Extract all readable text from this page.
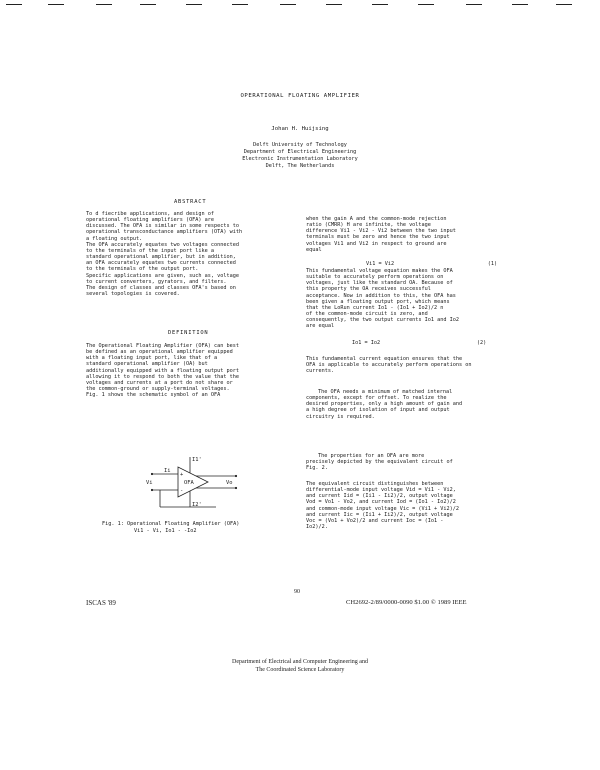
OPERATIONAL FLOATING AMPLIFIER
Johan H. Huijsing
Delft University of Technology
Department of Electrical Engineering
Electronic Instrumentation Laboratory
Delft, The Netherlands
ABSTRACT
To d fiecribe applications, and design of
operational floating amplifiers (OFA) are
discussed. The OFA is similar in some respects to
operational transconductance amplifiers (OTA) with
a floating output.
The OFA accurately equates two voltages connected
to the terminals of the input port like a
standard operational amplifier, but in addition,
an OFA accurately equates two currents connected
to the terminals of the output port.
Specific applications are given, such as, voltage
to current converters, gyrators, and filters.
The design of classes and classes OFA's based on
several topologies is covered.
DEFINITION
The Operational Floating Amplifier (OFA) can best
be defined as an operational amplifier equipped
with a floating input port, like that of a
standard operational amplifier (OA) but
additionally equipped with a floating output port
allowing it to respond to both the value that the
voltages and currents at a port do not share or
the common-ground or supply-terminal voltages.
Fig. 1 shows the schematic symbol of an OFA
+
-
OFA
I1'
I2'
Vi	Vo
Ii
Fig. 1: Operational Floating Amplifier (OFA)
Vi1 - Vi, Io1 - -Io2
when the gain A and the common-mode rejection
ratio (CMRR) H are infinite, the voltage
difference Vi1 - Vi2 - Vi2 between the two input
terminals must be zero and hence the two input
voltages Vi1 and Vi2 in respect to ground are
equal
Vi1 = Vi2                              (1)
This fundamental voltage equation makes the OFA
suitable to accurately perform operations on
voltages, just like the standard OA. Because of
this property the OA receives successful
acceptance. Now in addition to this, the OFA has
been given a floating output port, which means
that the LoRun current Io1 - (Io1 + Io2)/2 n
of the common-mode circuit is zero, and
consequently, the two output currents Io1 and Io2
are equal
Io1 = Io2                               (2)
This fundamental current equation ensures that the
OFA is applicable to accurately perform operations on
currents.
The OFA needs a minimum of matched internal
components, except for offset. To realize the
desired properties, only a high amount of gain and
a high degree of isolation of input and output
circuitry is required.
The properties for an OFA are more
precisely depicted by the equivalent circuit of
Fig. 2.
The equivalent circuit distinguishes between
differential-mode input voltage Vid = Vi1 - Vi2,
and current Iid = (Ii1 - Ii2)/2, output voltage
Vod = Vo1 - Vo2, and current Iod = (Io1 - Io2)/2
and common-mode input voltage Vic = (Vi1 + Vi2)/2
and current Iic = (Ii1 + Ii2)/2, output voltage
Voc = (Vo1 + Vo2)/2 and current Ioc = (Io1 -
Io2)/2.
90
ISCAS '89	CH2692-2/89/0000-0090 $1.00 © 1989 IEEE
Department of Electrical and Computer Engineering and
The Coordinated Science Laboratory
